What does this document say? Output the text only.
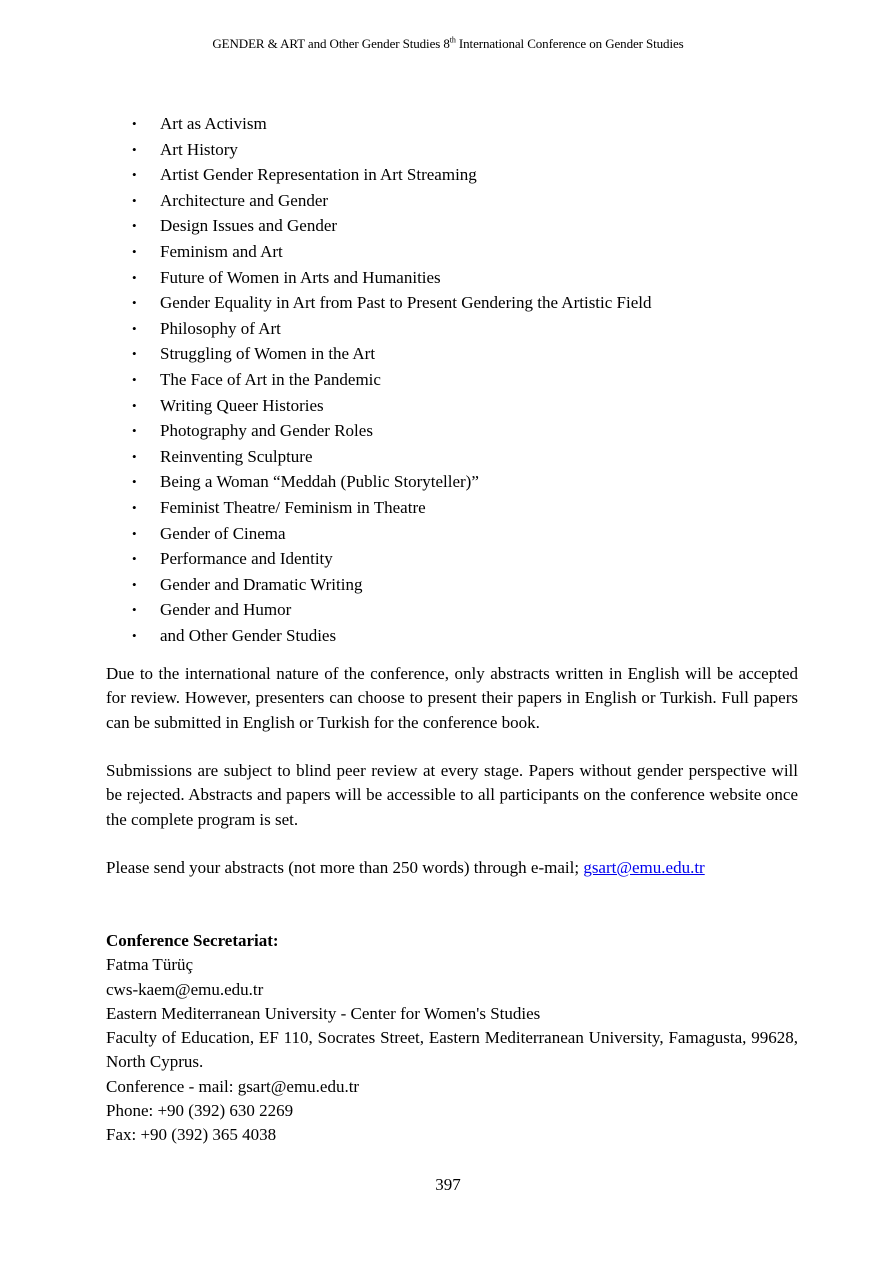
GENDER & ART and Other Gender Studies 8th International Conference on Gender Studies
• Art as Activism
• Art History
• Artist Gender Representation in Art Streaming
• Architecture and Gender
• Design Issues and Gender
• Feminism and Art
• Future of Women in Arts and Humanities
• Gender Equality in Art from Past to Present Gendering the Artistic Field
• Philosophy of Art
• Struggling of Women in the Art
• The Face of Art in the Pandemic
• Writing Queer Histories
• Photography and Gender Roles
• Reinventing Sculpture
• Being a Woman “Meddah (Public Storyteller)”
• Feminist Theatre/ Feminism in Theatre
• Gender of Cinema
• Performance and Identity
• Gender and Dramatic Writing
• Gender and Humor
• and Other Gender Studies

Due to the international nature of the conference, only abstracts written in English will be accepted for review. However, presenters can choose to present their papers in English or Turkish. Full papers can be submitted in English or Turkish for the conference book.

Submissions are subject to blind peer review at every stage. Papers without gender perspective will be rejected. Abstracts and papers will be accessible to all participants on the conference website once the complete program is set.

Please send your abstracts (not more than 250 words) through e-mail; gsart@emu.edu.tr

Conference Secretariat:
Fatma Türüç
cws-kaem@emu.edu.tr
Eastern Mediterranean University - Center for Women's Studies
Faculty of Education, EF 110, Socrates Street, Eastern Mediterranean University, Famagusta, 99628, North Cyprus.
Conference - mail: gsart@emu.edu.tr
Phone: +90 (392) 630 2269
Fax: +90 (392) 365 4038
397
